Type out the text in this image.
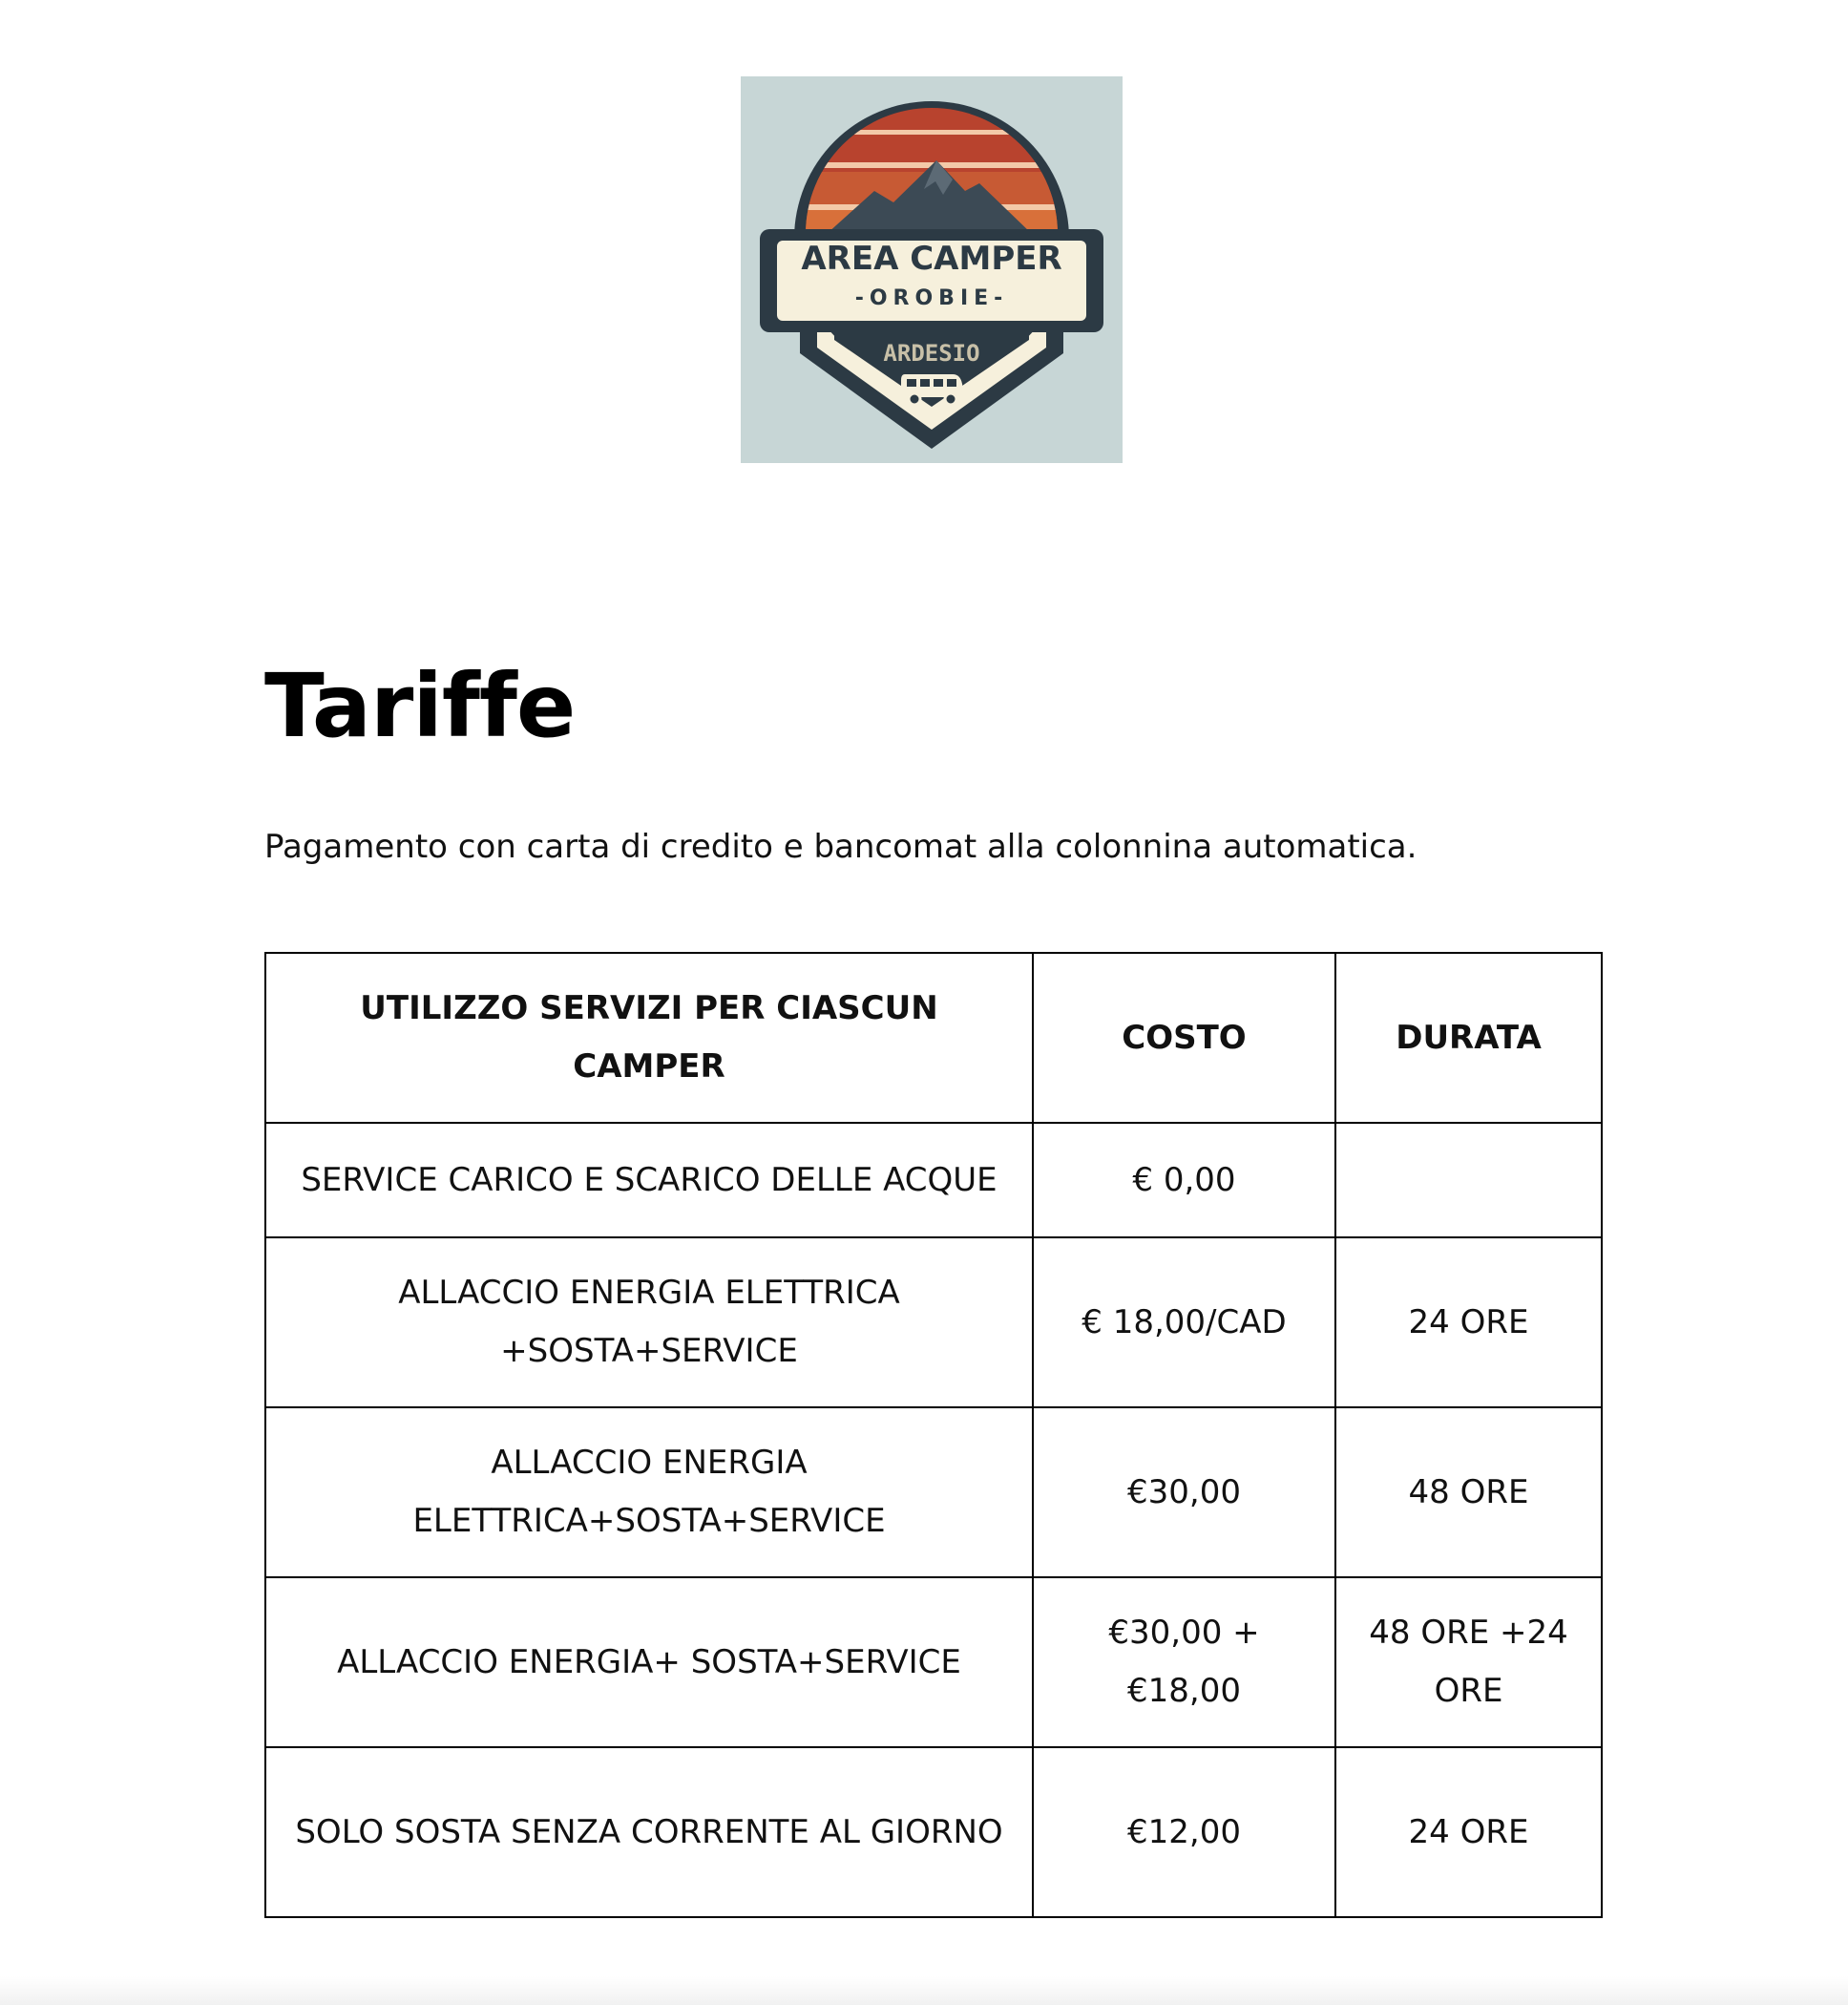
AREA CAMPER
-OROBIE-
ARDESIO
Tariffe

Pagamento con carta di credito e bancomat alla colonnina automatica.

UTILIZZO SERVIZI PER CIASCUN CAMPER	COSTO	DURATA
SERVICE CARICO E SCARICO DELLE ACQUE	€ 0,00	
ALLACCIO ENERGIA ELETTRICA +SOSTA+SERVICE	€ 18,00/CAD	24 ORE
ALLACCIO ENERGIA ELETTRICA+SOSTA+SERVICE	€30,00	48 ORE
ALLACCIO ENERGIA+ SOSTA+SERVICE	€30,00 + €18,00	48 ORE +24 ORE
SOLO SOSTA SENZA CORRENTE AL GIORNO	€12,00	24 ORE
